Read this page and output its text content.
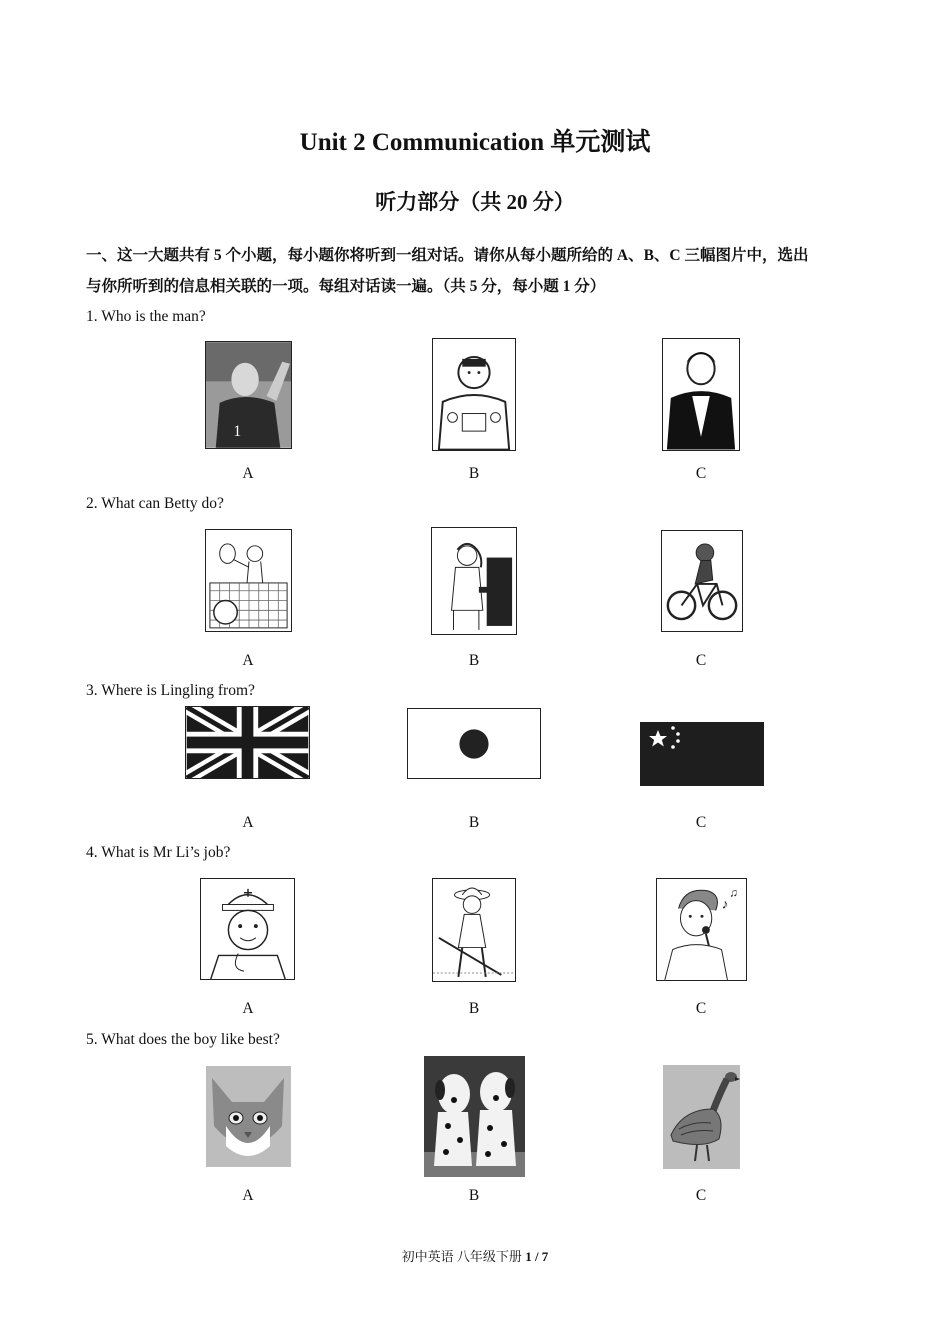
Unit 2 Communication 单元测试
听力部分（共 20 分）
一、这一大题共有 5 个小题，每小题你将听到一组对话。请你从每小题所给的 A、B、C 三幅图片中，选出
与你所听到的信息相关联的一项。每组对话读一遍。（共 5 分，每小题 1 分）
1. Who is the man?
1
A	B	C
2. What can Betty do?
A	B	C
3. Where is Lingling from?
A	B	C
4. What is Mr Li’s job?
♪
♫
A	B	C
5. What does the boy like best?
A	B	C
初中英语 八年级下册 1 / 7
